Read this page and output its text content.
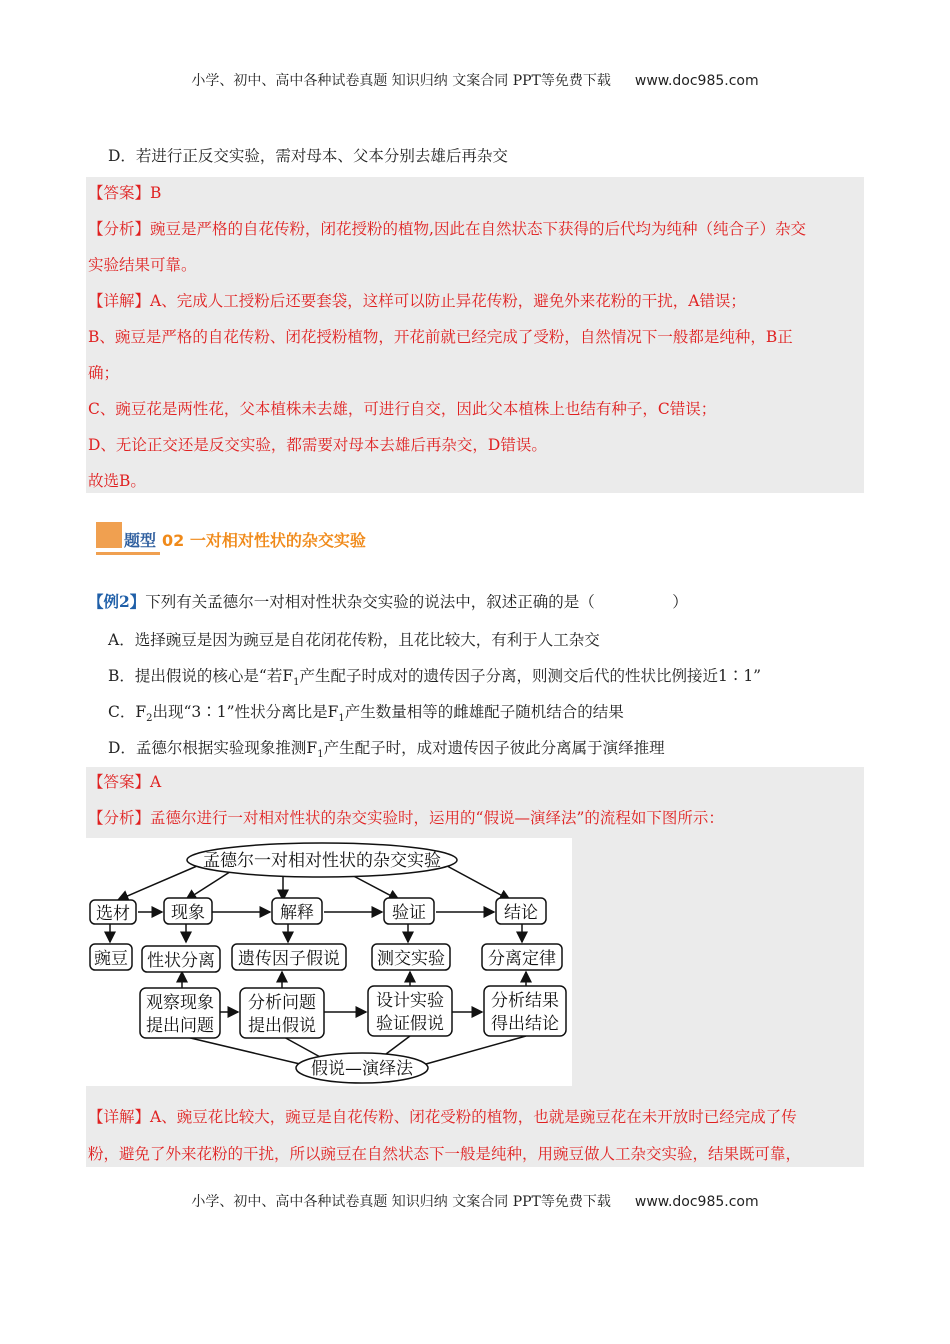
小学、初中、高中各种试卷真题 知识归纳 文案合同 PPT等免费下载 www.doc985.com
D．若进行正反交实验，需对母本、父本分别去雄后再杂交
【答案】B
【分析】豌豆是严格的自花传粉，闭花授粉的植物,因此在自然状态下获得的后代均为纯种（纯合子）杂交
实验结果可靠。
【详解】A、完成人工授粉后还要套袋，这样可以防止异花传粉，避免外来花粉的干扰，A错误；
B、豌豆是严格的自花传粉、闭花授粉植物，开花前就已经完成了受粉，自然情况下一般都是纯种，B正
确；
C、豌豆花是两性花，父本植株未去雄，可进行自交，因此父本植株上也结有种子，C错误；
D、无论正交还是反交实验，都需要对母本去雄后再杂交，D错误。
故选B。
题型 02 一对相对性状的杂交实验
【例2】下列有关孟德尔一对相对性状杂交实验的说法中，叙述正确的是（　　　　　）
A．选择豌豆是因为豌豆是自花闭花传粉，且花比较大，有利于人工杂交
B．提出假说的核心是“若$F_1$产生配子时成对的遗传因子分离，则测交后代的性状比例接近1∶1”
C．$F_2$出现“3∶1”性状分离比是$F_1$产生数量相等的雌雄配子随机结合的结果
D．孟德尔根据实验现象推测$F_1$产生配子时，成对遗传因子彼此分离属于演绎推理
【答案】A
【分析】孟德尔进行一对相对性状的杂交实验时，运用的“假说—演绎法”的流程如下图所示：
孟德尔一对相对性状的杂交实验
选材 现象	解释	验证	结论
豌豆 性状分离 遗传因子假说 测交实验	分离定律
观察现象
提出问题
分析问题
提出假说
设计实验
验证假说
分析结果
得出结论
假说—演绎法
【详解】A、豌豆花比较大，豌豆是自花传粉、闭花受粉的植物，也就是豌豆花在未开放时已经完成了传
粉，避免了外来花粉的干扰，所以豌豆在自然状态下一般是纯种，用豌豆做人工杂交实验，结果既可靠，
小学、初中、高中各种试卷真题 知识归纳 文案合同 PPT等免费下载 www.doc985.com
